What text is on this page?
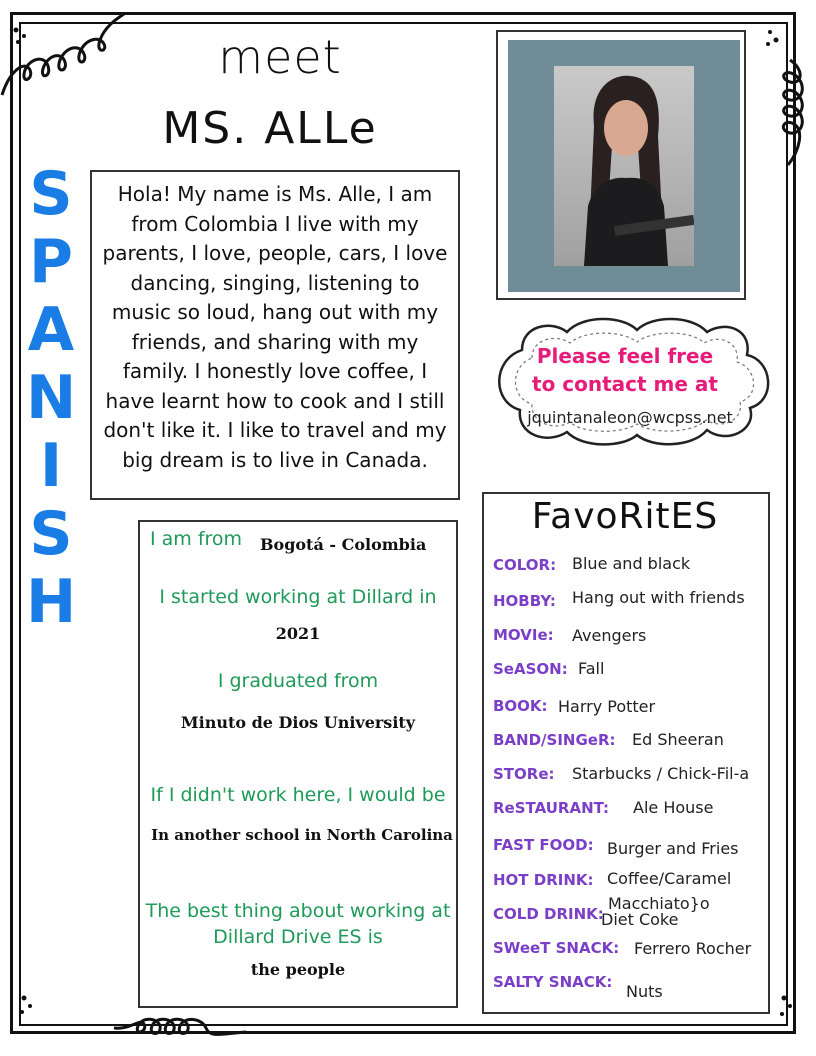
meet
MS. ALLe
S
P
A
N
I
S
H
Hola! My name is Ms. Alle, I am from Colombia I live with my parents, I love, people, cars, I love dancing, singing, listening to music so loud, hang out with my friends, and sharing with my family. I honestly love coffee, I have learnt how to cook and I still don't like it. I like to travel and my big dream is to live in Canada.
Please feel free
to contact me at
jquintanaleon@wcpss.net
I am from Bogotá - Colombia
I started working at Dillard in
2021
I graduated from
Minuto de Dios University
If I didn't work here, I would be
In another school in North Carolina
The best thing about working at
Dillard Drive ES is
the people
FavoRitES
COLOR: Blue and black
HOBBY: Hang out with friends
MOVIe: Avengers
SeASON: Fall
BOOK: Harry Potter
BAND/SINGeR: Ed Sheeran
STORe: Starbucks / Chick-Fil-a
ReSTAURANT: Ale House
FAST FOOD: Burger and Fries
HOT DRINK: Coffee/Caramel
COLD DRINK:
Macchiato}o
Diet Coke
SWeeT SNACK: Ferrero Rocher
SALTY SNACK: Nuts
